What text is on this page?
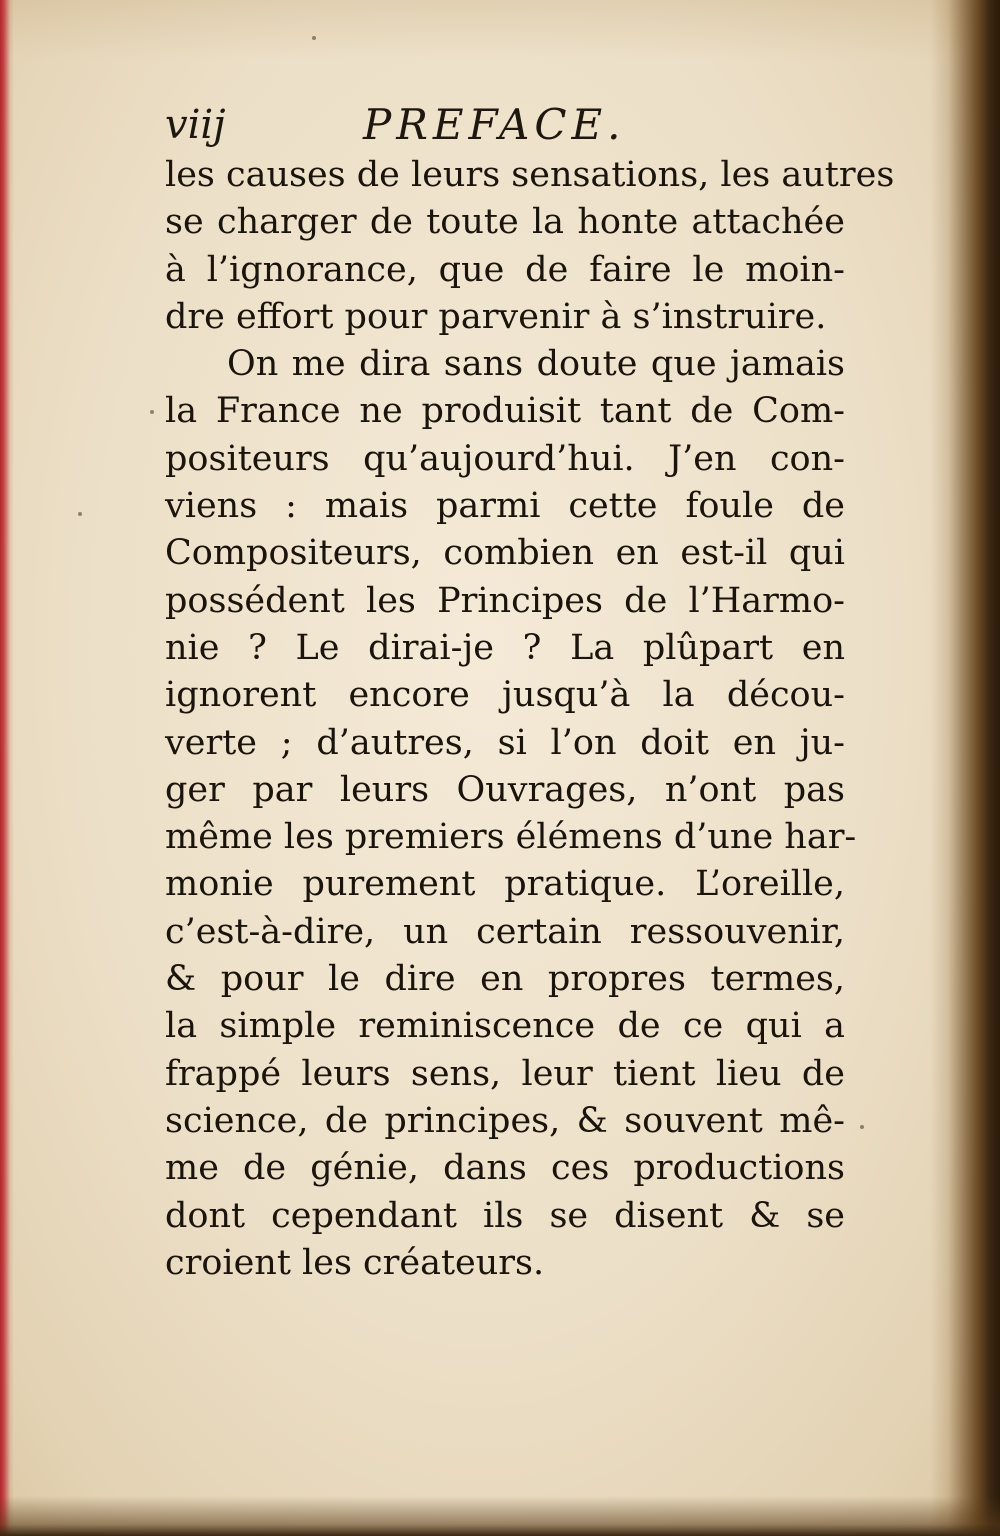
viij	PREFACE.
les causes de leurs sensations, les autres
se charger de toute la honte attachée
à l’ignorance, que de faire le moin-
dre effort pour parvenir à s’instruire.
On me dira sans doute que jamais
la France ne produisit tant de Com-
positeurs qu’aujourd’hui. J’en con-
viens : mais parmi cette foule de
Compositeurs, combien en est-il qui
possédent les Principes de l’Harmo-
nie ? Le dirai-je ? La plûpart en
ignorent encore jusqu’à la décou-
verte ; d’autres, si l’on doit en ju-
ger par leurs Ouvrages, n’ont pas
même les premiers élémens d’une har-
monie purement pratique. L’oreille,
c’est-à-dire, un certain ressouvenir,
& pour le dire en propres termes,
la simple reminiscence de ce qui a
frappé leurs sens, leur tient lieu de
science, de principes, & souvent mê-
me de génie, dans ces productions
dont cependant ils se disent & se
croient les créateurs.
